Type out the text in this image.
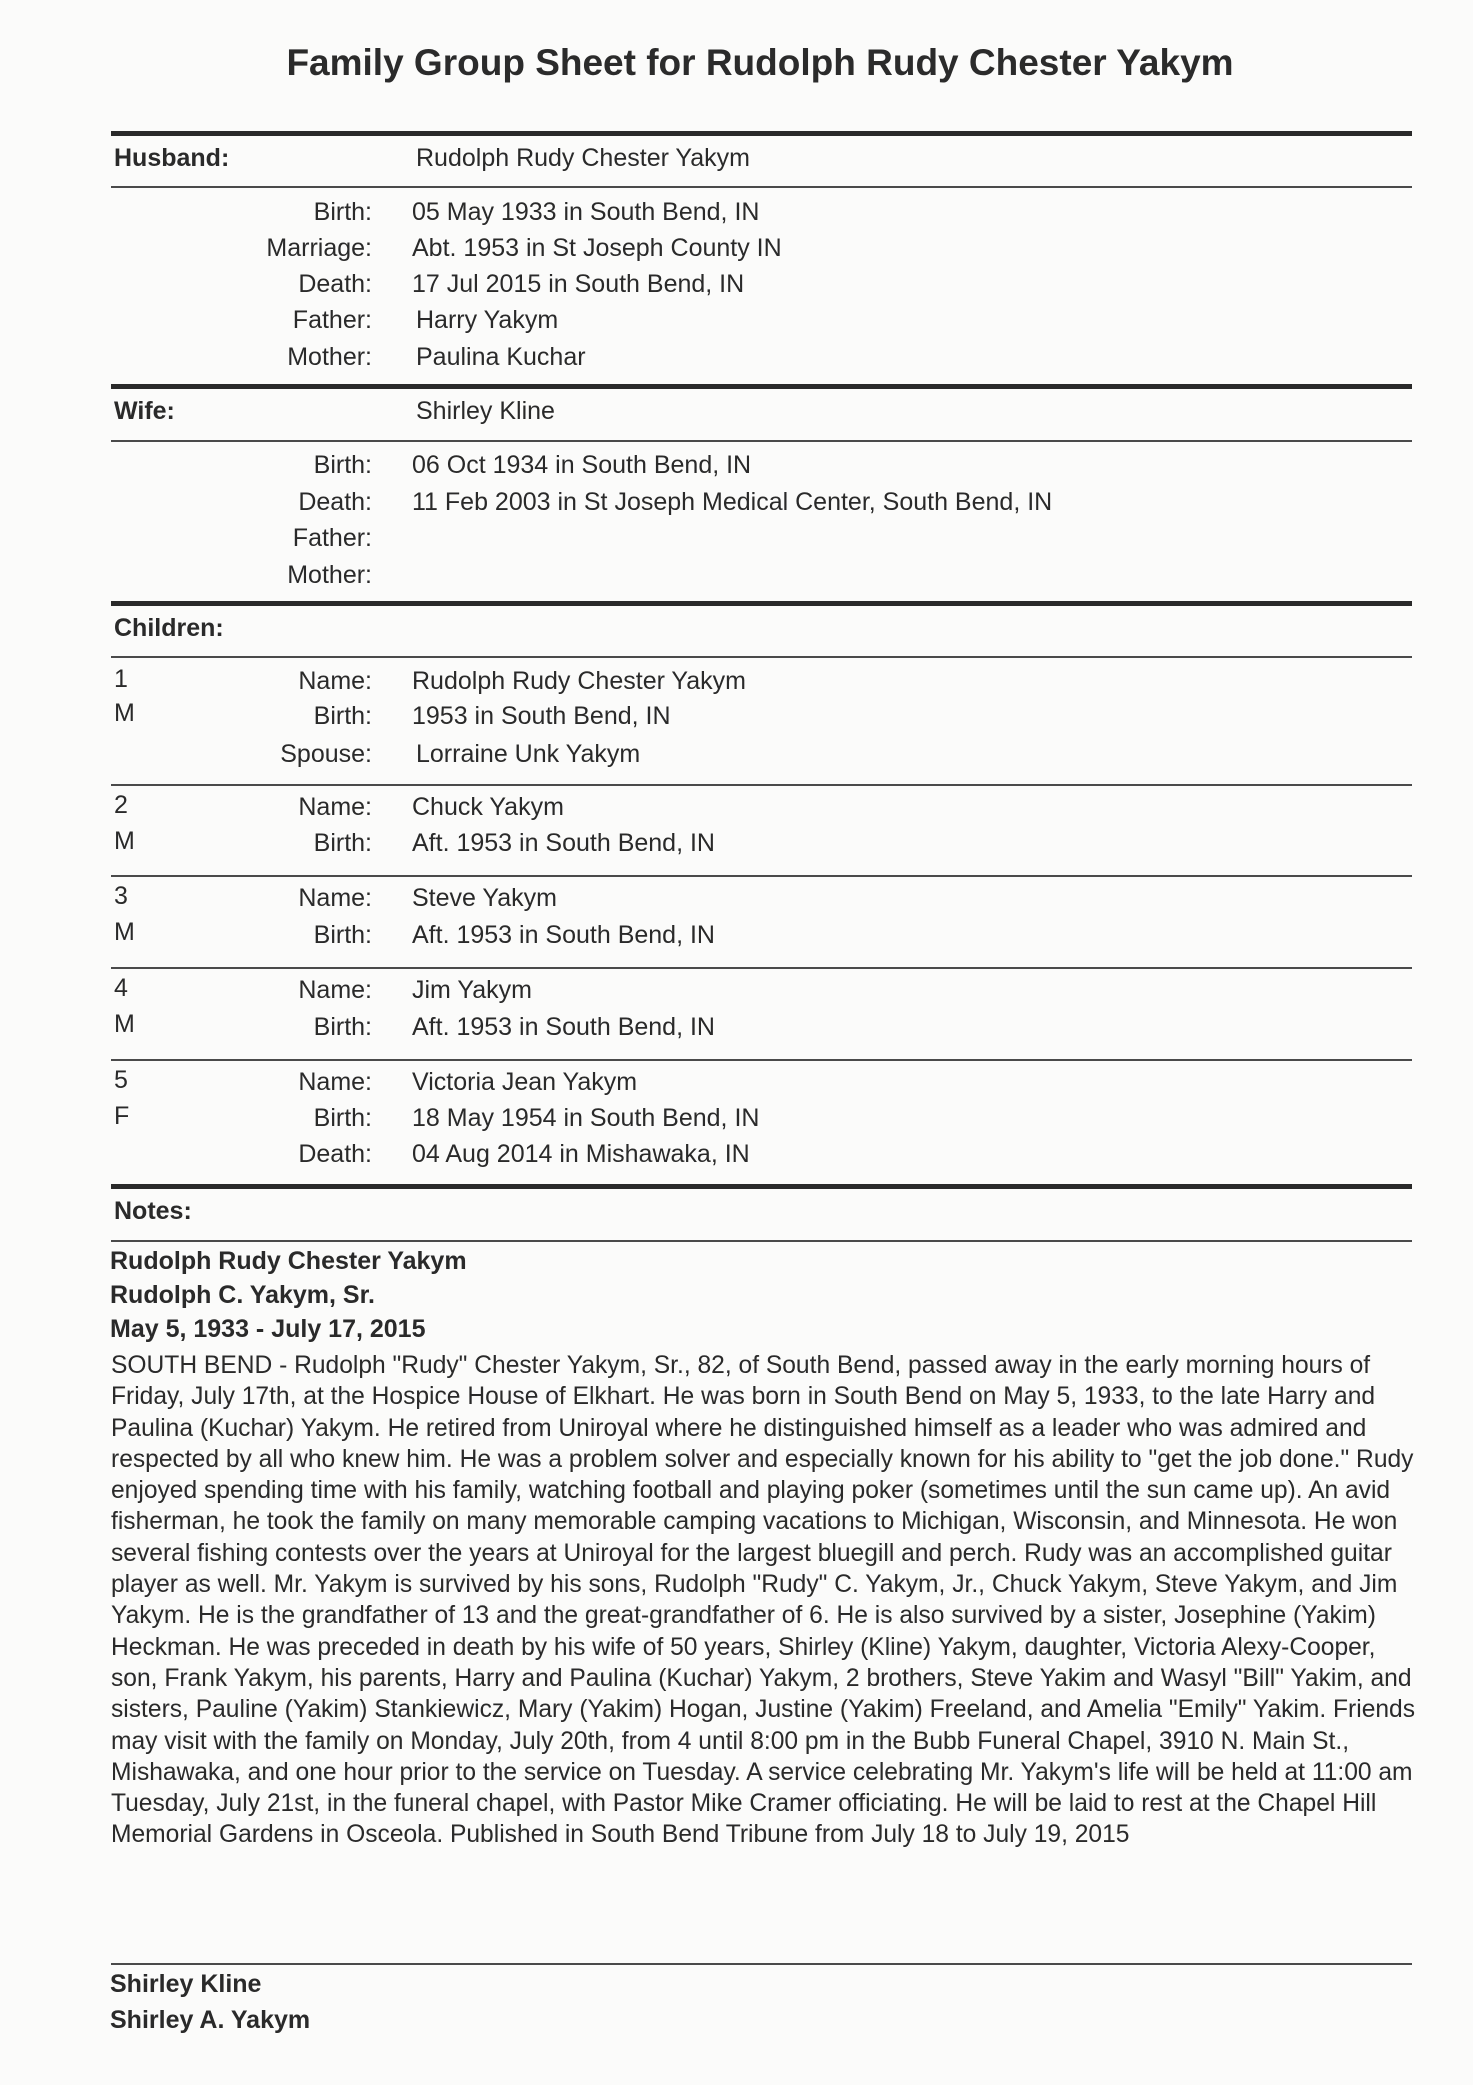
Family Group Sheet for Rudolph Rudy Chester Yakym
Husband:	Rudolph Rudy Chester Yakym
Birth: 05 May 1933 in South Bend, IN
Marriage: Abt. 1953 in St Joseph County IN
Death: 17 Jul 2015 in South Bend, IN
Father: Harry Yakym
Mother: Paulina Kuchar
Wife:	Shirley Kline
Birth: 06 Oct 1934 in South Bend, IN
Death: 11 Feb 2003 in St Joseph Medical Center, South Bend, IN
Father:
Mother:
Children:
1
M
Name: Rudolph Rudy Chester Yakym
Birth: 1953 in South Bend, IN
Spouse: Lorraine Unk Yakym
2
M
Name: Chuck Yakym
Birth: Aft. 1953 in South Bend, IN
3
M
Name: Steve Yakym
Birth: Aft. 1953 in South Bend, IN
4
M
Name: Jim Yakym
Birth: Aft. 1953 in South Bend, IN
5
F
Name: Victoria Jean Yakym
Birth: 18 May 1954 in South Bend, IN
Death: 04 Aug 2014 in Mishawaka, IN
Notes:
Rudolph Rudy Chester Yakym
Rudolph C. Yakym, Sr.
May 5, 1933 - July 17, 2015

SOUTH BEND - Rudolph "Rudy" Chester Yakym, Sr., 82, of South Bend, passed away in the early morning hours of Friday, July 17th, at the Hospice House of Elkhart. He was born in South Bend on May 5, 1933, to the late Harry and Paulina (Kuchar) Yakym. He retired from Uniroyal where he distinguished himself as a leader who was admired and respected by all who knew him. He was a problem solver and especially known for his ability to "get the job done." Rudy enjoyed spending time with his family, watching football and playing poker (sometimes until the sun came up). An avid fisherman, he took the family on many memorable camping vacations to Michigan, Wisconsin, and Minnesota. He won several fishing contests over the years at Uniroyal for the largest bluegill and perch. Rudy was an accomplished guitar player as well. Mr. Yakym is survived by his sons, Rudolph "Rudy" C. Yakym, Jr., Chuck Yakym, Steve Yakym, and Jim Yakym. He is the grandfather of 13 and the great-grandfather of 6. He is also survived by a sister, Josephine (Yakim) Heckman. He was preceded in death by his wife of 50 years, Shirley (Kline) Yakym, daughter, Victoria Alexy-Cooper, son, Frank Yakym, his parents, Harry and Paulina (Kuchar) Yakym, 2 brothers, Steve Yakim and Wasyl "Bill" Yakim, and sisters, Pauline (Yakim) Stankiewicz, Mary (Yakim) Hogan, Justine (Yakim) Freeland, and Amelia "Emily" Yakim. Friends may visit with the family on Monday, July 20th, from 4 until 8:00 pm in the Bubb Funeral Chapel, 3910 N. Main St., Mishawaka, and one hour prior to the service on Tuesday. A service celebrating Mr. Yakym's life will be held at 11:00 am Tuesday, July 21st, in the funeral chapel, with Pastor Mike Cramer officiating. He will be laid to rest at the Chapel Hill Memorial Gardens in Osceola. Published in South Bend Tribune from July 18 to July 19, 2015

Shirley Kline
Shirley A. Yakym
